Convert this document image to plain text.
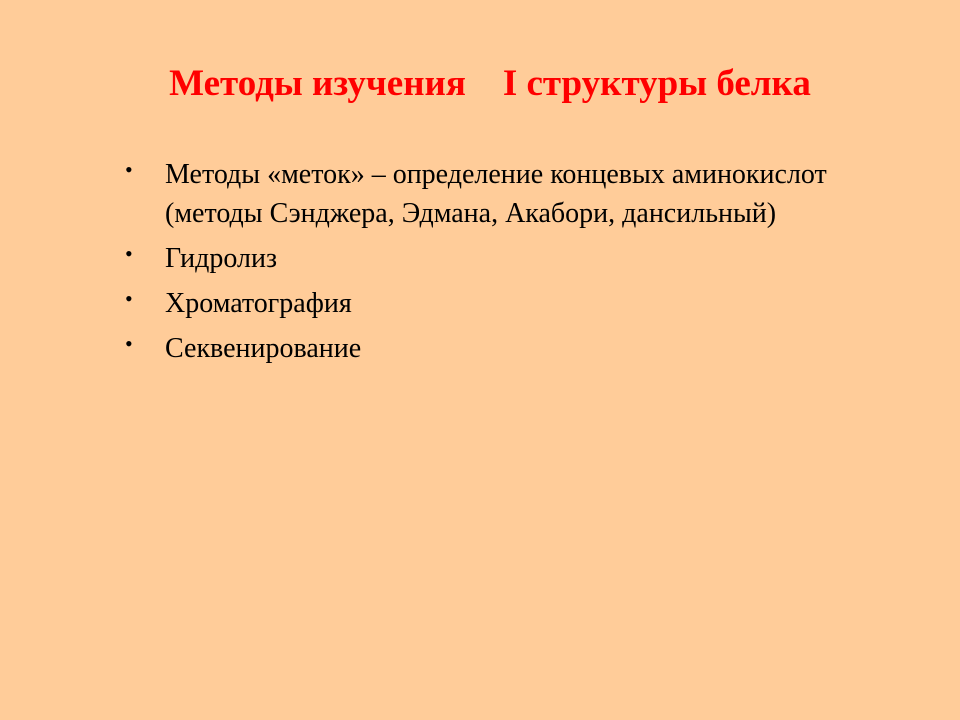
Методы изучения    I структуры белка
• Методы «меток» – определение концевых аминокислот (методы Сэнджера, Эдмана, Акабори, дансильный)
• Гидролиз
• Хроматография
• Секвенирование
